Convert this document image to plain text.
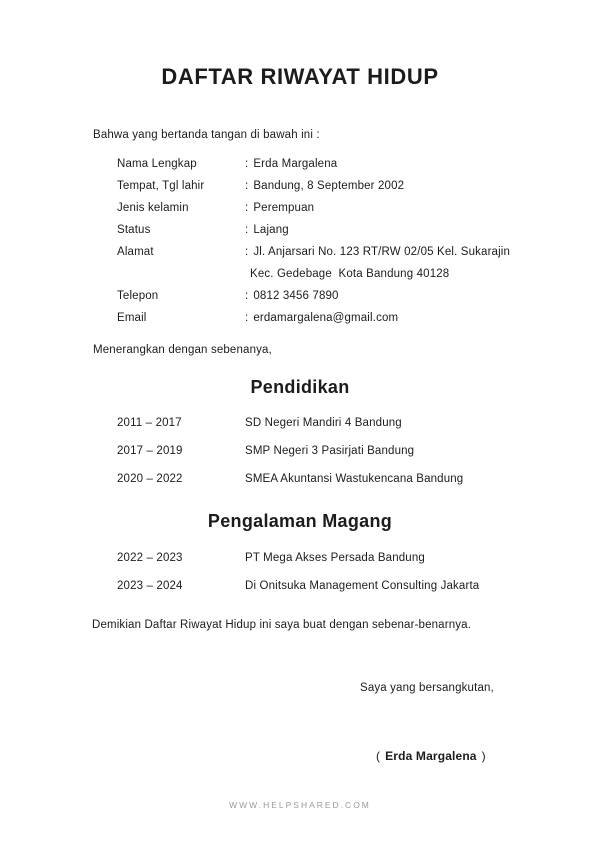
DAFTAR RIWAYAT HIDUP

Bahwa yang bertanda tangan di bawah ini :

Nama Lengkap	: Erda Margalena
Tempat, Tgl lahir	: Bandung, 8 September 2002
Jenis kelamin	: Perempuan
Status	: Lajang
Alamat	: Jl. Anjarsari No. 123 RT/RW 02/05 Kel. Sukarajin
Kec. Gedebage  Kota Bandung 40128
Telepon	: 0812 3456 7890
Email	: erdamargalena@gmail.com

Menerangkan dengan sebenanya,

Pendidikan
2011 – 2017	SD Negeri Mandiri 4 Bandung
2017 – 2019	SMP Negeri 3 Pasirjati Bandung
2020 – 2022	SMEA Akuntansi Wastukencana Bandung
Pengalaman Magang
2022 – 2023	PT Mega Akses Persada Bandung
2023 – 2024	Di Onitsuka Management Consulting Jakarta

Demikian Daftar Riwayat Hidup ini saya buat dengan sebenar-benarnya.

Saya yang bersangkutan,

( Erda Margalena )

WWW.HELPSHARED.COM
